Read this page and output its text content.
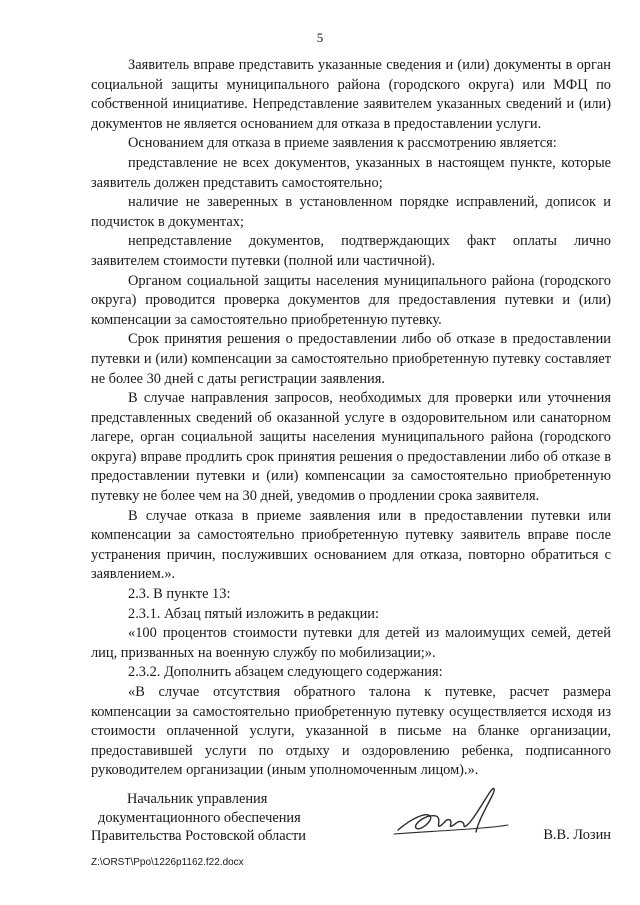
5

Заявитель вправе представить указанные сведения и (или) документы в орган социальной защиты муниципального района (городского округа) или МФЦ по собственной инициативе. Непредставление заявителем указанных сведений и (или) документов не является основанием для отказа в предоставлении услуги.

Основанием для отказа в приеме заявления к рассмотрению является:

представление не всех документов, указанных в настоящем пункте, которые заявитель должен представить самостоятельно;

наличие не заверенных в установленном порядке исправлений, дописок и подчисток в документах;

непредставление документов, подтверждающих факт оплаты лично заявителем стоимости путевки (полной или частичной).

Органом социальной защиты населения муниципального района (городского округа) проводится проверка документов для предоставления путевки и (или) компенсации за самостоятельно приобретенную путевку.

Срок принятия решения о предоставлении либо об отказе в предоставлении путевки и (или) компенсации за самостоятельно приобретенную путевку составляет не более 30 дней с даты регистрации заявления.

В случае направления запросов, необходимых для проверки или уточнения представленных сведений об оказанной услуге в оздоровительном или санаторном лагере, орган социальной защиты населения муниципального района (городского округа) вправе продлить срок принятия решения о предоставлении либо об отказе в предоставлении путевки и (или) компенсации за самостоятельно приобретенную путевку не более чем на 30 дней, уведомив о продлении срока заявителя.

В случае отказа в приеме заявления или в предоставлении путевки или компенсации за самостоятельно приобретенную путевку заявитель вправе после устранения причин, послуживших основанием для отказа, повторно обратиться с заявлением.».

2.3. В пункте 13:

2.3.1. Абзац пятый изложить в редакции:

«100 процентов стоимости путевки для детей из малоимущих семей, детей лиц, призванных на военную службу по мобилизации;».

2.3.2. Дополнить абзацем следующего содержания:

«В случае отсутствия обратного талона к путевке, расчет размера компенсации за самостоятельно приобретенную путевку осуществляется исходя из стоимости оплаченной услуги, указанной в письме на бланке организации, предоставившей услуги по отдыху и оздоровлению ребенка, подписанного руководителем организации (иным уполномоченным лицом).».

Начальник управления
документационного обеспечения
Правительства Ростовской области	В.В. Лозин
Z:\ORST\Ppo\1226p1162.f22.docx
